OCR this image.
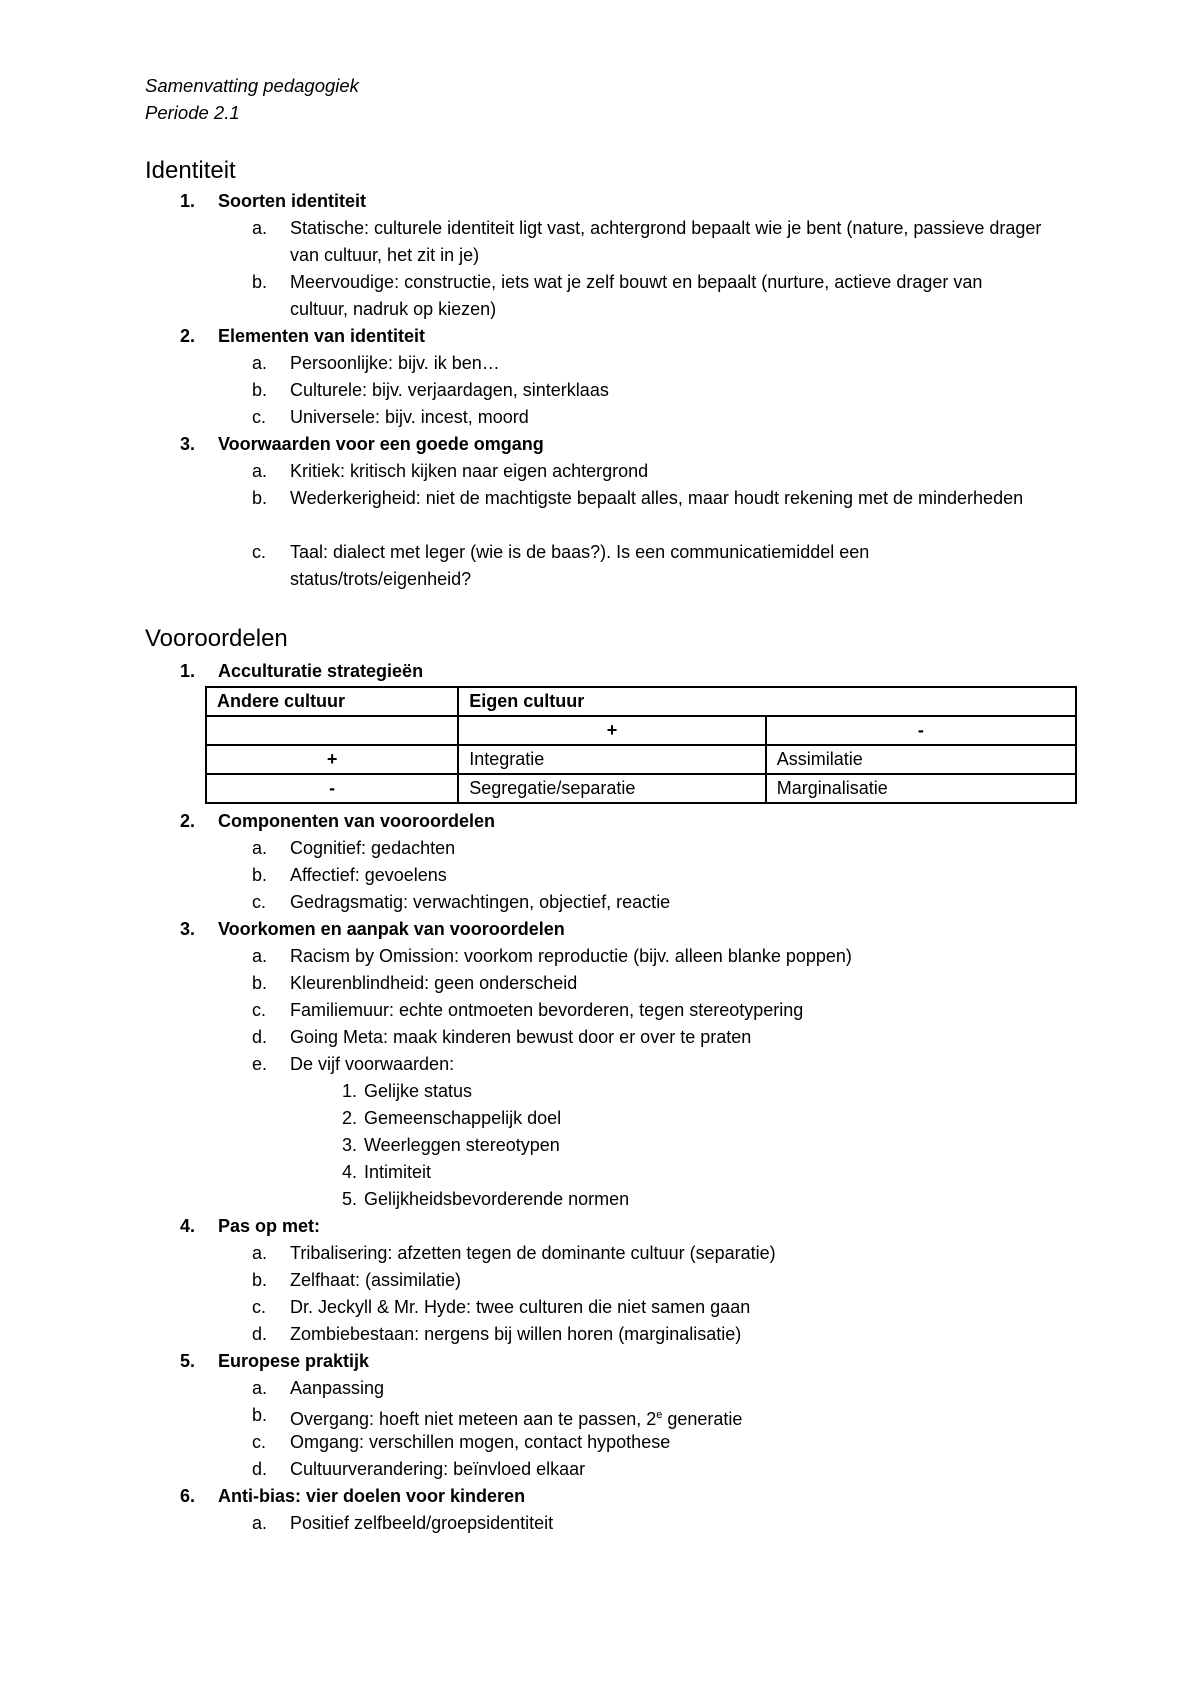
Samenvatting pedagogiek
Periode 2.1
Identiteit
1. Soorten identiteit
a.	Statische: culturele identiteit ligt vast, achtergrond bepaalt wie je bent (nature, passieve drager van cultuur, het zit in je)
b.	Meervoudige: constructie, iets wat je zelf bouwt en bepaalt (nurture, actieve drager van cultuur, nadruk op kiezen)
2. Elementen van identiteit
a.	Persoonlijke: bijv. ik ben…
b.	Culturele: bijv. verjaardagen, sinterklaas
c.	Universele: bijv. incest, moord
3. Voorwaarden voor een goede omgang
a.	Kritiek: kritisch kijken naar eigen achtergrond
b.	Wederkerigheid: niet de machtigste bepaalt alles, maar houdt rekening met de minderheden
c.	Taal: dialect met leger (wie is de baas?). Is een communicatiemiddel een status/trots/eigenheid?
Vooroordelen
1. Acculturatie strategieën
Andere cultuur	Eigen cultuur	
	+	-
+	Integratie	Assimilatie
-	Segregatie/separatie	Marginalisatie
2. Componenten van vooroordelen
a.	Cognitief: gedachten
b.	Affectief: gevoelens
c.	Gedragsmatig: verwachtingen, objectief, reactie
3. Voorkomen en aanpak van vooroordelen
a.	Racism by Omission: voorkom reproductie (bijv. alleen blanke poppen)
b.	Kleurenblindheid: geen onderscheid
c.	Familiemuur: echte ontmoeten bevorderen, tegen stereotypering
d.	Going Meta: maak kinderen bewust door er over te praten
e.	De vijf voorwaarden:
1. Gelijke status
2. Gemeenschappelijk doel
3. Weerleggen stereotypen
4. Intimiteit
5. Gelijkheidsbevorderende normen
4. Pas op met:
a.	Tribalisering: afzetten tegen de dominante cultuur (separatie)
b.	Zelfhaat: (assimilatie)
c.	Dr. Jeckyll & Mr. Hyde: twee culturen die niet samen gaan
d.	Zombiebestaan: nergens bij willen horen (marginalisatie)
5. Europese praktijk
a.	Aanpassing
b.	Overgang: hoeft niet meteen aan te passen, 2e generatie
c.	Omgang: verschillen mogen, contact hypothese
d.	Cultuurverandering: beïnvloed elkaar
6. Anti-bias: vier doelen voor kinderen
a.	Positief zelfbeeld/groepsidentiteit
